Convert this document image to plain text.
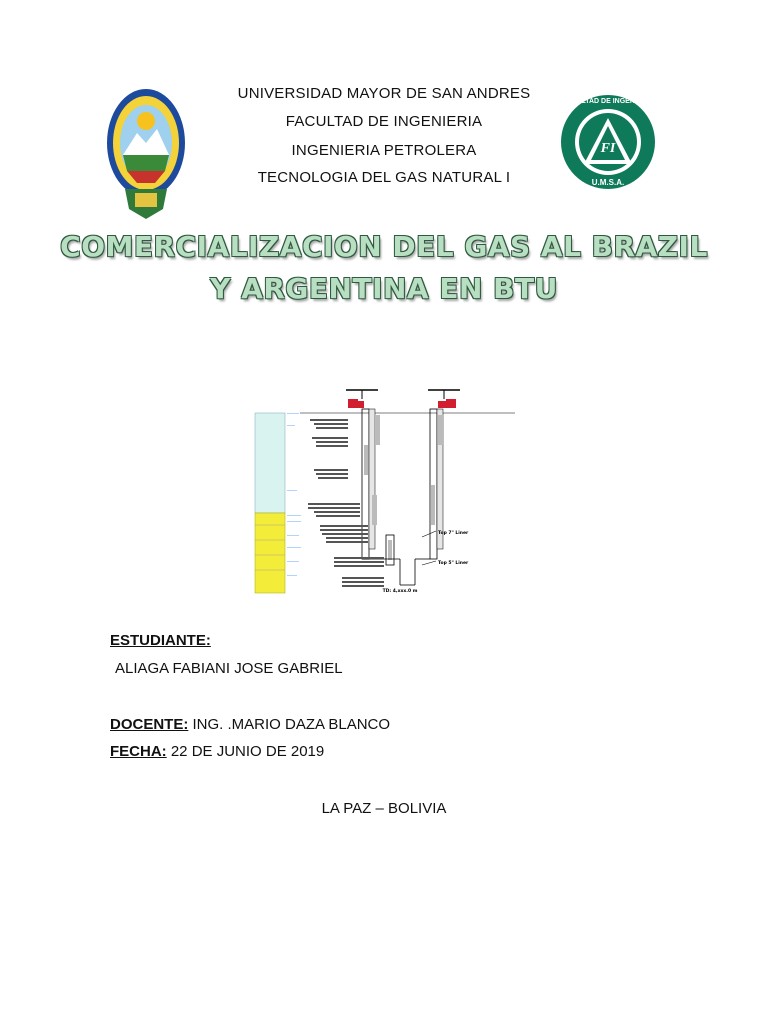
FI
FACULTAD DE INGENIERIA
U.M.S.A.
UNIVERSIDAD MAYOR DE SAN ANDRES
FACULTAD DE INGENIERIA
INGENIERIA PETROLERA
TECNOLOGIA DEL GAS NATURAL I
COMERCIALIZACION DEL GAS AL BRAZIL
Y ARGENTINA EN BTU
Top 7" Liner
Top 5" Liner
TD: 4,xxx.0 m
ESTUDIANTE:
ALIAGA FABIANI JOSE GABRIEL
DOCENTE: ING. .MARIO DAZA BLANCO
FECHA: 22 DE JUNIO DE 2019
LA PAZ – BOLIVIA
